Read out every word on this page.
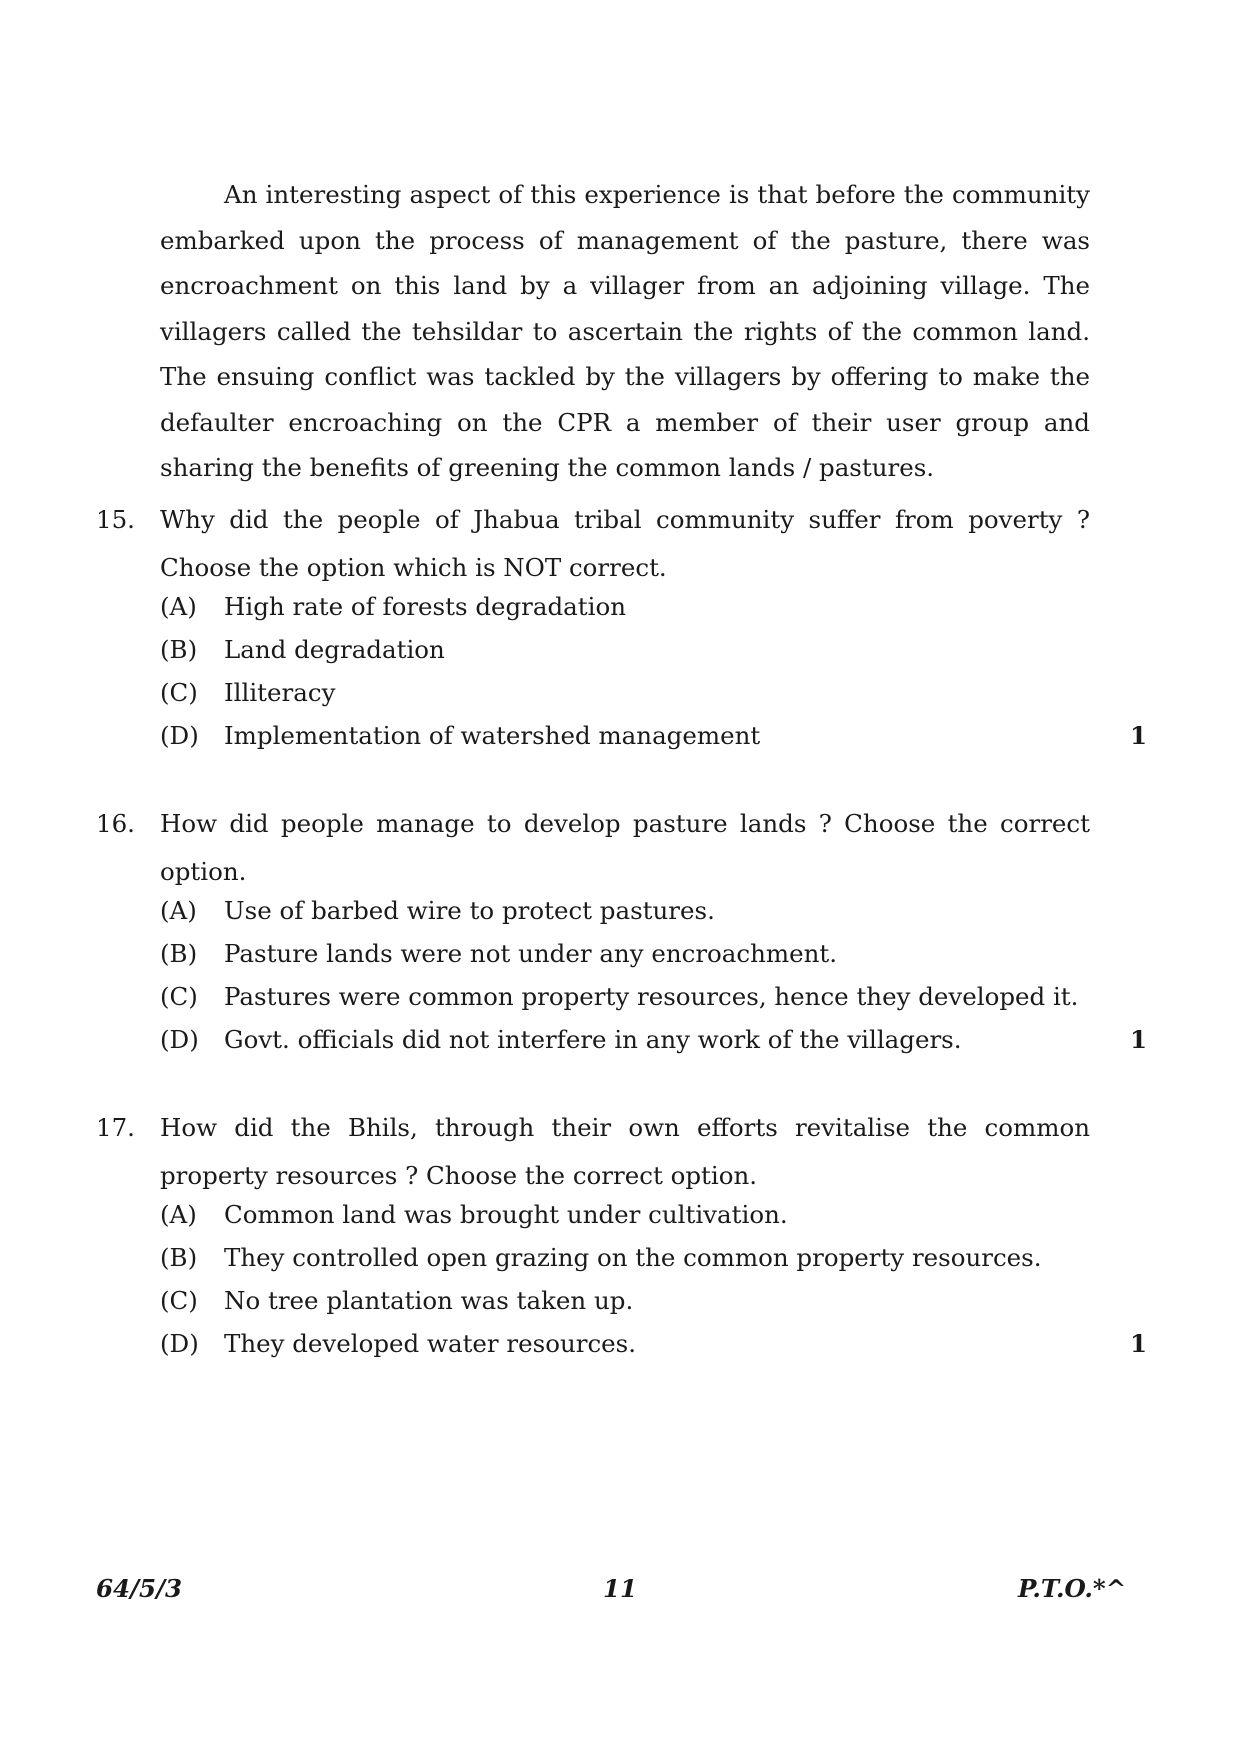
An interesting aspect of this experience is that before the community embarked upon the process of management of the pasture, there was encroachment on this land by a villager from an adjoining village. The villagers called the tehsildar to ascertain the rights of the common land. The ensuing conflict was tackled by the villagers by offering to make the defaulter encroaching on the CPR a member of their user group and sharing the benefits of greening the common lands / pastures.

15. Why did the people of Jhabua tribal community suffer from poverty ? Choose the option which is NOT correct.

(A) High rate of forests degradation
(B) Land degradation
(C) Illiteracy
(D) Implementation of watershed management	1
16. How did people manage to develop pasture lands ? Choose the correct option.

(A) Use of barbed wire to protect pastures.
(B) Pasture lands were not under any encroachment.
(C) Pastures were common property resources, hence they developed it.
(D) Govt. officials did not interfere in any work of the villagers.	1
17. How did the Bhils, through their own efforts revitalise the common property resources ? Choose the correct option.

(A) Common land was brought under cultivation.
(B) They controlled open grazing on the common property resources.
(C) No tree plantation was taken up.
(D) They developed water resources.	1
64/5/3	11	P.T.O.*^
